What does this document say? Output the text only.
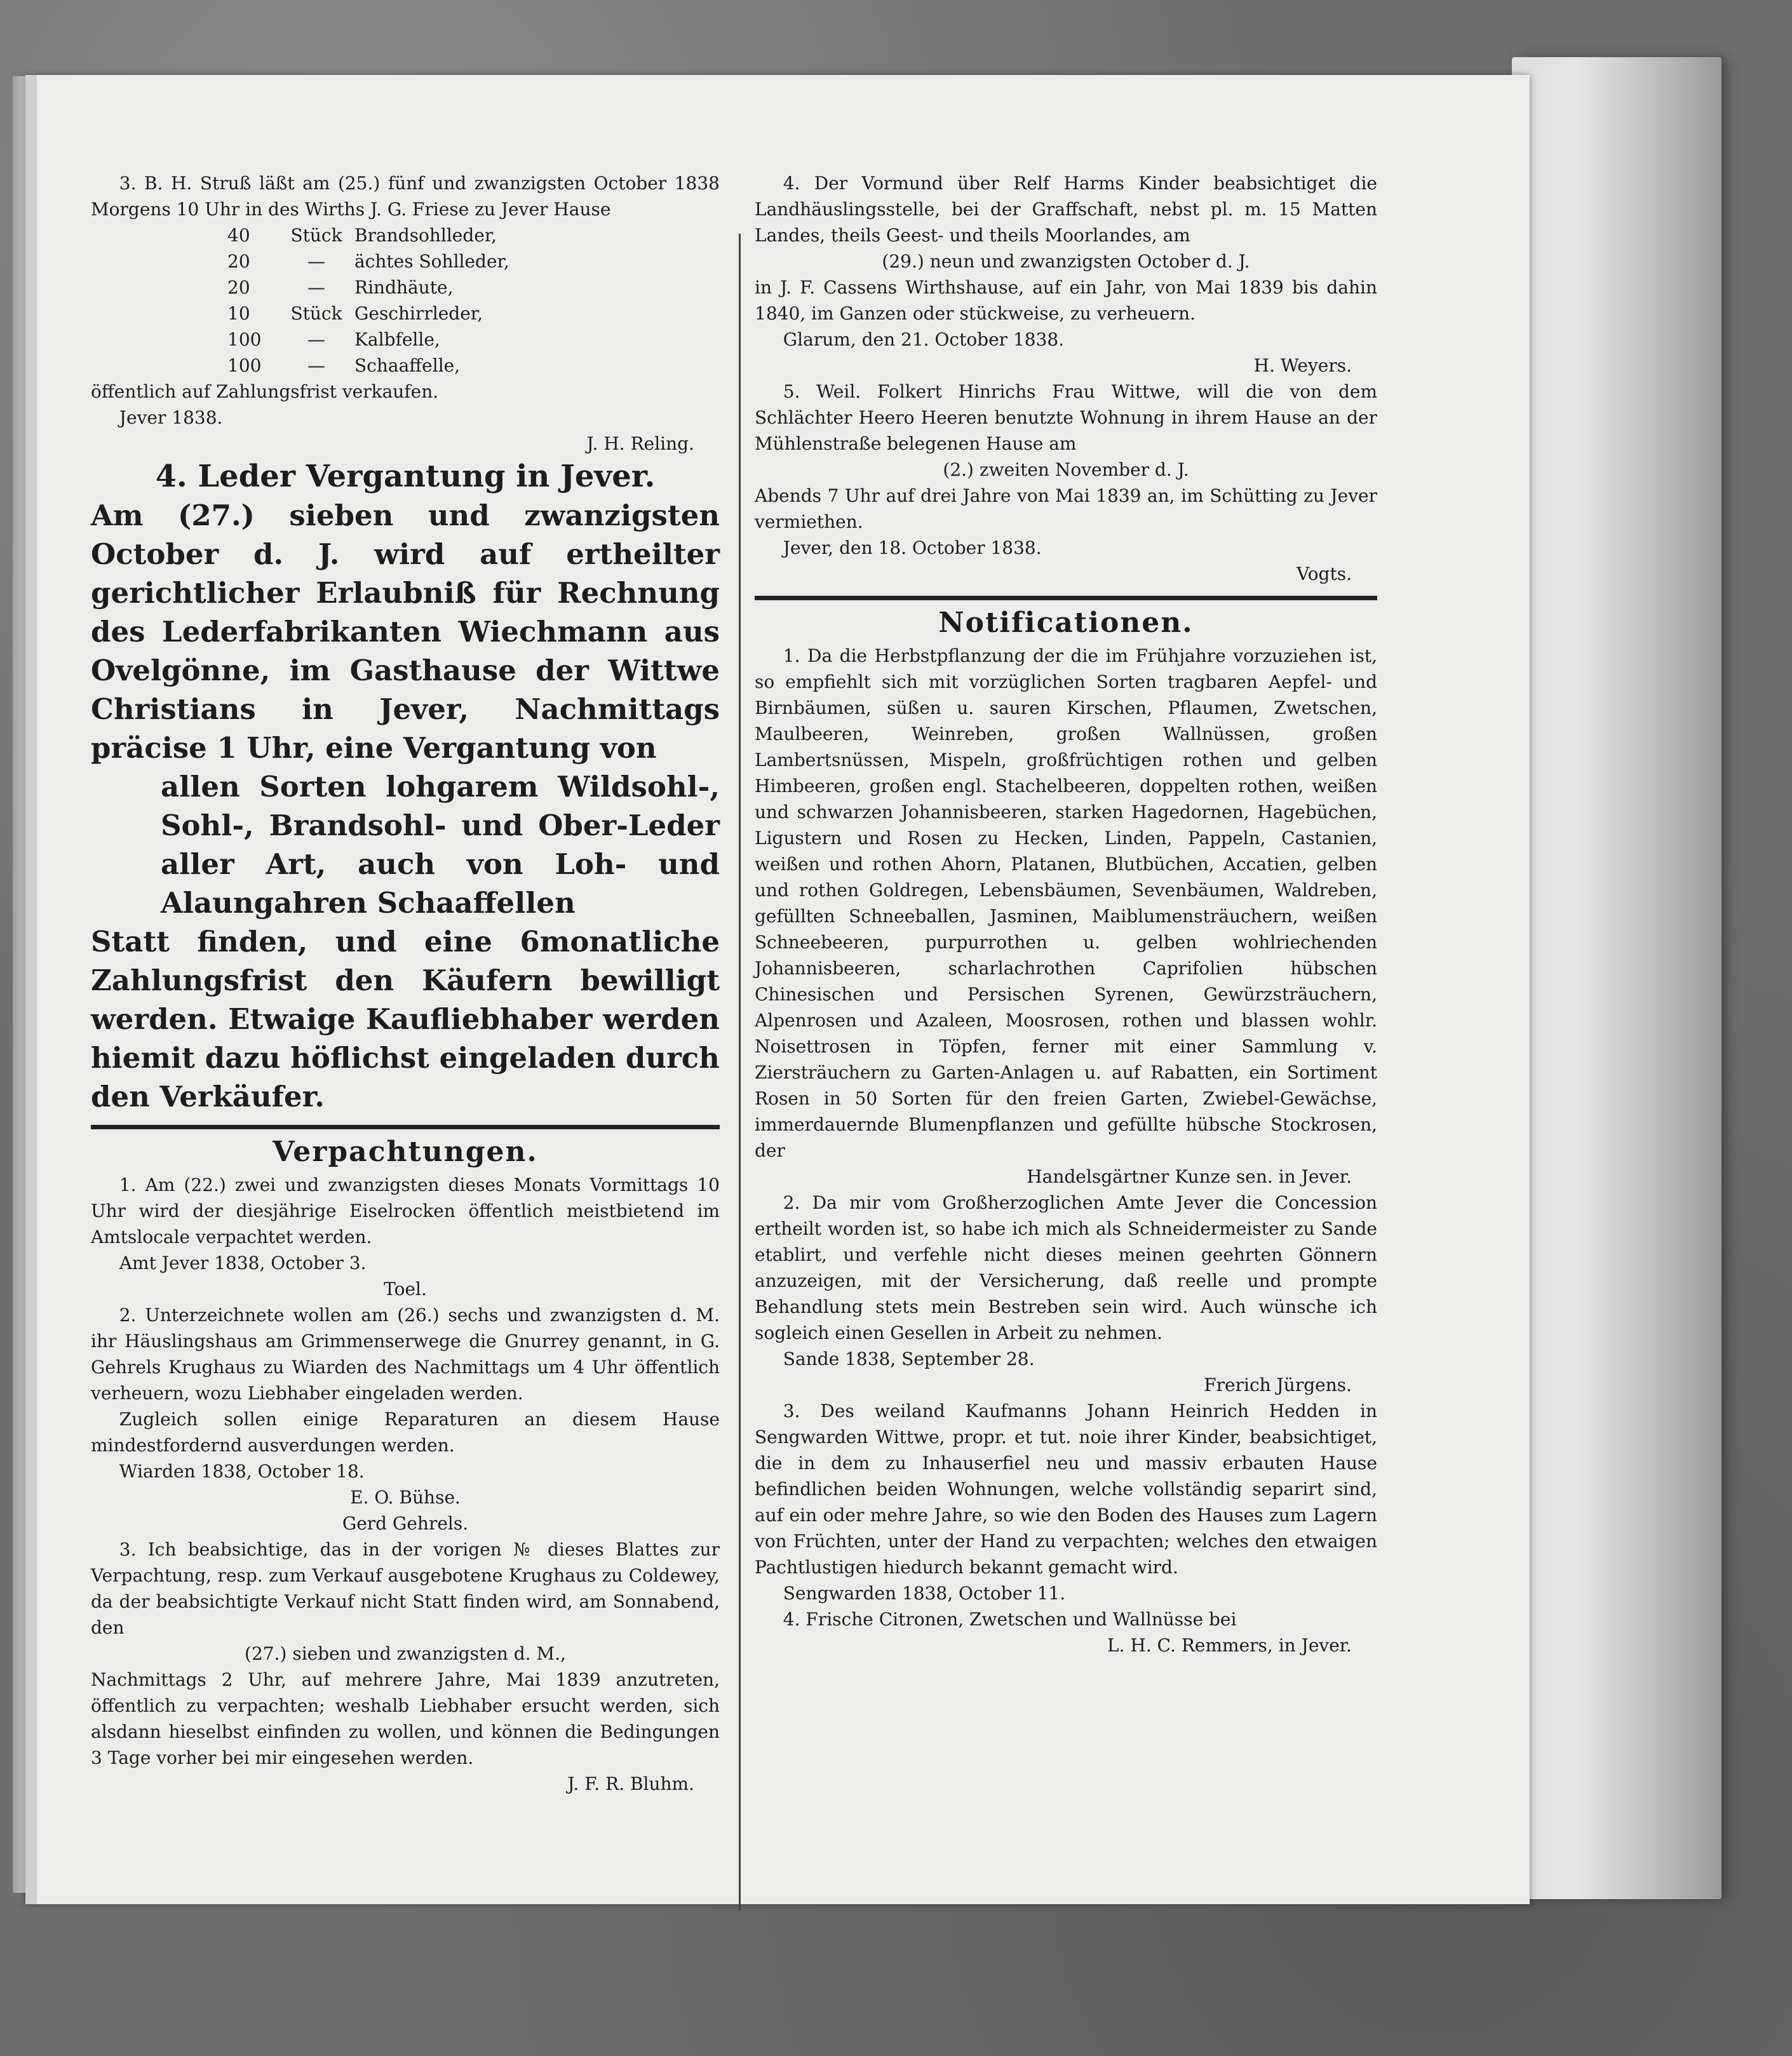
3. B. H. Struß läßt am (25.) fünf und zwanzigsten October 1838 Morgens 10 Uhr in des Wirths J. G. Friese zu Jever Hause

40	Stück Brandsohlleder,
20	—	ächtes Sohlleder,
20	—	Rindhäute,
10	Stück Geschirrleder,
100	—	Kalbfelle,
100	—	Schaaffelle,

öffentlich auf Zahlungsfrist verkaufen.

Jever 1838.

J. H. Reling.

4. Leder Vergantung in Jever.

Am (27.) sieben und zwanzigsten October d. J. wird auf ertheilter gerichtlicher Erlaubniß für Rechnung des Lederfabrikanten Wiechmann aus Ovelgönne, im Gasthause der Wittwe Christians in Jever, Nachmittags präcise 1 Uhr, eine Vergantung von

allen Sorten lohgarem Wildsohl-, Sohl-, Brandsohl- und Ober-Leder aller Art, auch von Loh- und Alaungahren Schaaffellen

Statt finden, und eine 6monatliche Zahlungsfrist den Käufern bewilligt werden. Etwaige Kaufliebhaber werden hiemit dazu höflichst eingeladen durch

den Verkäufer.

Verpachtungen.

1. Am (22.) zwei und zwanzigsten dieses Monats Vormittags 10 Uhr wird der diesjährige Eiselrocken öffentlich meistbietend im Amtslocale verpachtet werden.

Amt Jever 1838, October 3.

Toel.

2. Unterzeichnete wollen am (26.) sechs und zwanzigsten d. M. ihr Häuslingshaus am Grimmenserwege die Gnurrey genannt, in G. Gehrels Krughaus zu Wiarden des Nachmittags um 4 Uhr öffentlich verheuern, wozu Liebhaber eingeladen werden.

Zugleich sollen einige Reparaturen an diesem Hause mindestfordernd ausverdungen werden.

Wiarden 1838, October 18.

E. O. Bühse.

Gerd Gehrels.

3. Ich beabsichtige, das in der vorigen № dieses Blattes zur Verpachtung, resp. zum Verkauf ausgebotene Krughaus zu Coldewey, da der beabsichtigte Verkauf nicht Statt finden wird, am Sonnabend, den

(27.) sieben und zwanzigsten d. M.,

Nachmittags 2 Uhr, auf mehrere Jahre, Mai 1839 anzutreten, öffentlich zu verpachten; weshalb Liebhaber ersucht werden, sich alsdann hieselbst einfinden zu wollen, und können die Bedingungen 3 Tage vorher bei mir eingesehen werden.

J. F. R. Bluhm.

4. Der Vormund über Relf Harms Kinder beabsichtiget die Landhäuslingsstelle, bei der Graffschaft, nebst pl. m. 15 Matten Landes, theils Geest- und theils Moorlandes, am

(29.) neun und zwanzigsten October d. J.

in J. F. Cassens Wirthshause, auf ein Jahr, von Mai 1839 bis dahin 1840, im Ganzen oder stückweise, zu verheuern.

Glarum, den 21. October 1838.

H. Weyers.

5. Weil. Folkert Hinrichs Frau Wittwe, will die von dem Schlächter Heero Heeren benutzte Wohnung in ihrem Hause an der Mühlenstraße belegenen Hause am

(2.) zweiten November d. J.

Abends 7 Uhr auf drei Jahre von Mai 1839 an, im Schütting zu Jever vermiethen.

Jever, den 18. October 1838.

Vogts.

Notificationen.

1. Da die Herbstpflanzung der die im Frühjahre vorzuziehen ist, so empfiehlt sich mit vorzüglichen Sorten tragbaren Aepfel- und Birnbäumen, süßen u. sauren Kirschen, Pflaumen, Zwetschen, Maulbeeren, Weinreben, großen Wallnüssen, großen Lambertsnüssen, Mispeln, großfrüchtigen rothen und gelben Himbeeren, großen engl. Stachelbeeren, doppelten rothen, weißen und schwarzen Johannisbeeren, starken Hagedornen, Hagebüchen, Ligustern und Rosen zu Hecken, Linden, Pappeln, Castanien, weißen und rothen Ahorn, Platanen, Blutbüchen, Accatien, gelben und rothen Goldregen, Lebensbäumen, Sevenbäumen, Waldreben, gefüllten Schneeballen, Jasminen, Maiblumensträuchern, weißen Schneebeeren, purpurrothen u. gelben wohlriechenden Johannisbeeren, scharlachrothen Caprifolien hübschen Chinesischen und Persischen Syrenen, Gewürzsträuchern, Alpenrosen und Azaleen, Moosrosen, rothen und blassen wohlr. Noisettrosen in Töpfen, ferner mit einer Sammlung v. Ziersträuchern zu Garten-Anlagen u. auf Rabatten, ein Sortiment Rosen in 50 Sorten für den freien Garten, Zwiebel-Gewächse, immerdauernde Blumenpflanzen und gefüllte hübsche Stockrosen, der

Handelsgärtner Kunze sen. in Jever.

2. Da mir vom Großherzoglichen Amte Jever die Concession ertheilt worden ist, so habe ich mich als Schneidermeister zu Sande etablirt, und verfehle nicht dieses meinen geehrten Gönnern anzuzeigen, mit der Versicherung, daß reelle und prompte Behandlung stets mein Bestreben sein wird. Auch wünsche ich sogleich einen Gesellen in Arbeit zu nehmen.

Sande 1838, September 28.

Frerich Jürgens.

3. Des weiland Kaufmanns Johann Heinrich Hedden in Sengwarden Wittwe, propr. et tut. noie ihrer Kinder, beabsichtiget, die in dem zu Inhauserfiel neu und massiv erbauten Hause befindlichen beiden Wohnungen, welche vollständig separirt sind, auf ein oder mehre Jahre, so wie den Boden des Hauses zum Lagern von Früchten, unter der Hand zu verpachten; welches den etwaigen Pachtlustigen hiedurch bekannt gemacht wird.

Sengwarden 1838, October 11.

4. Frische Citronen, Zwetschen und Wallnüsse bei

L. H. C. Remmers, in Jever.
